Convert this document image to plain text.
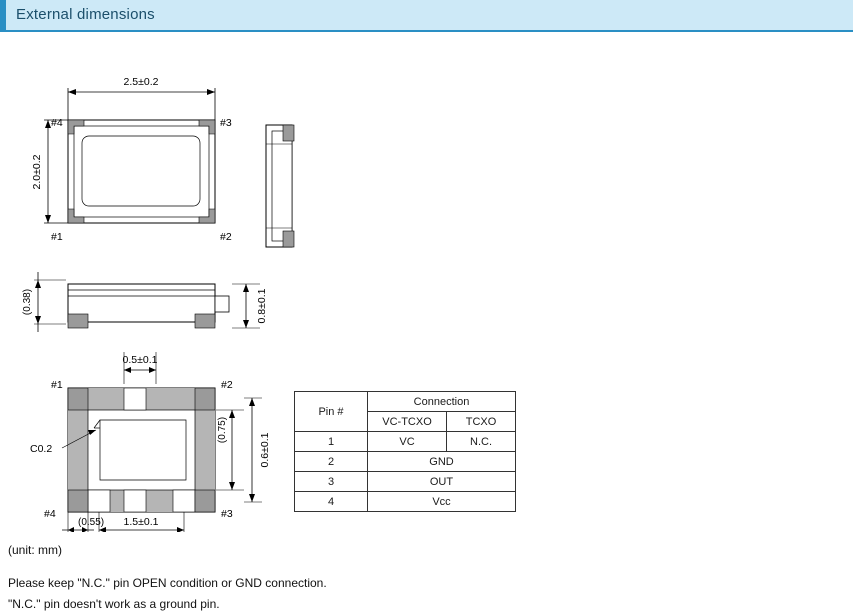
External dimensions
2.5±0.2
2.0±0.2
#4	#3
#1	#2
(0.38)	0.8±0.1
0.5±0.1
C0.2
(0.75)
0.6±0.1
(0.55) 1.5±0.1
#1	#2
#4	#3
Pin #	Connection	
	VC-TCXO	TCXO
1	VC	N.C.
2	GND	
3	OUT	
4	Vcc	
(unit: mm)
Please keep "N.C." pin OPEN condition or GND connection.
"N.C." pin doesn't work as a ground pin.
